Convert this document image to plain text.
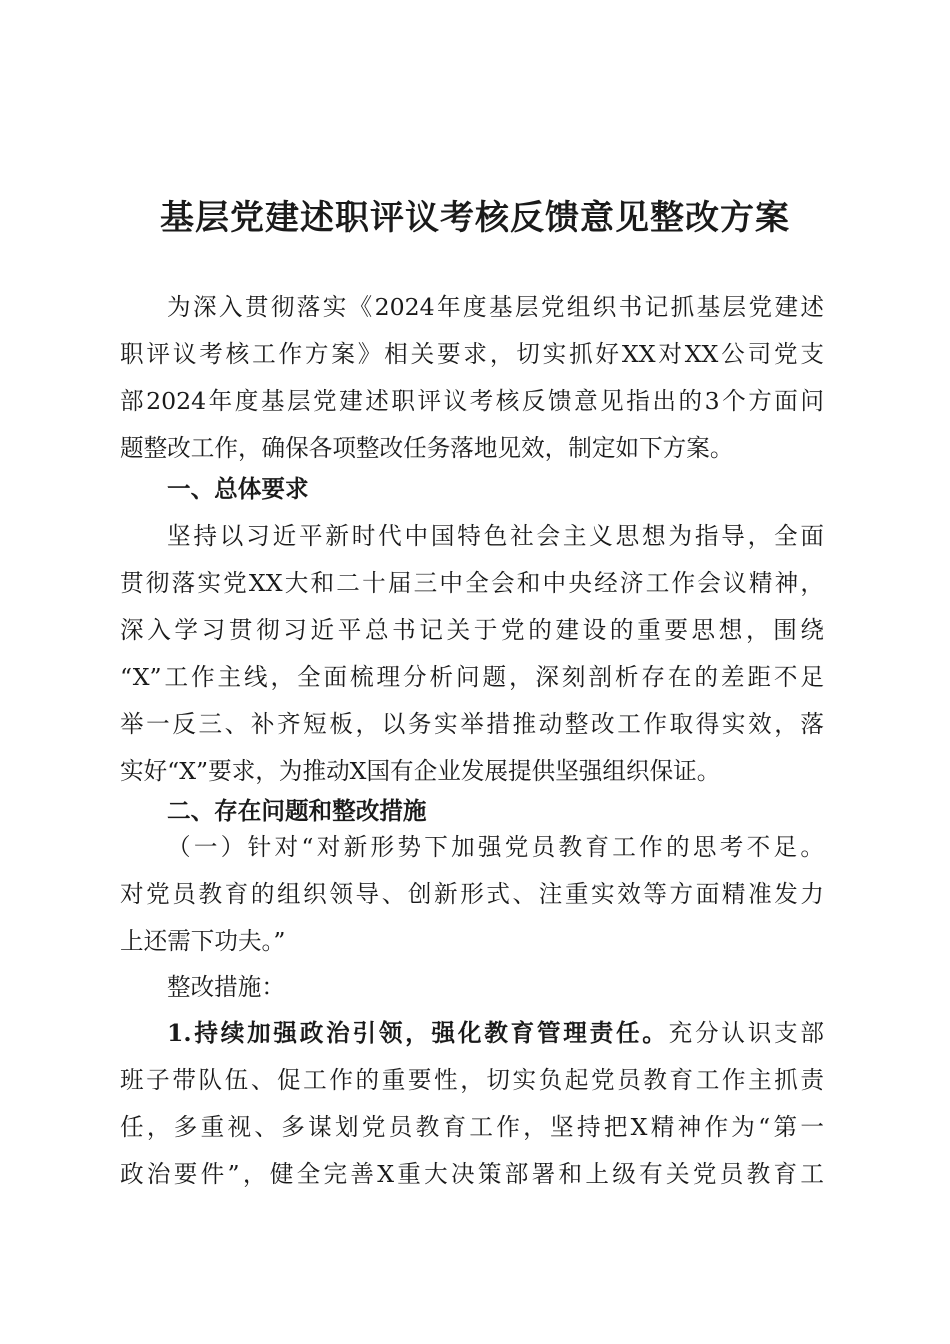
基层党建述职评议考核反馈意见整改方案
为深入贯彻落实《2024年度基层党组织书记抓基层党建述
职评议考核工作方案》相关要求，切实抓好XX对XX公司党支
部2024年度基层党建述职评议考核反馈意见指出的3个方面问
题整改工作，确保各项整改任务落地见效，制定如下方案。
一、总体要求
坚持以习近平新时代中国特色社会主义思想为指导，全面
贯彻落实党XX大和二十届三中全会和中央经济工作会议精神，
深入学习贯彻习近平总书记关于党的建设的重要思想，围绕
“X”工作主线，全面梳理分析问题，深刻剖析存在的差距不足
举一反三、补齐短板，以务实举措推动整改工作取得实效，落
实好“X”要求，为推动X国有企业发展提供坚强组织保证。
二、存在问题和整改措施
（一）针对“对新形势下加强党员教育工作的思考不足。
对党员教育的组织领导、创新形式、注重实效等方面精准发力
上还需下功夫。”
整改措施：
1.持续加强政治引领，强化教育管理责任。充分认识支部
班子带队伍、促工作的重要性，切实负起党员教育工作主抓责
任，多重视、多谋划党员教育工作，坚持把X精神作为“第一
政治要件”，健全完善X重大决策部署和上级有关党员教育工
